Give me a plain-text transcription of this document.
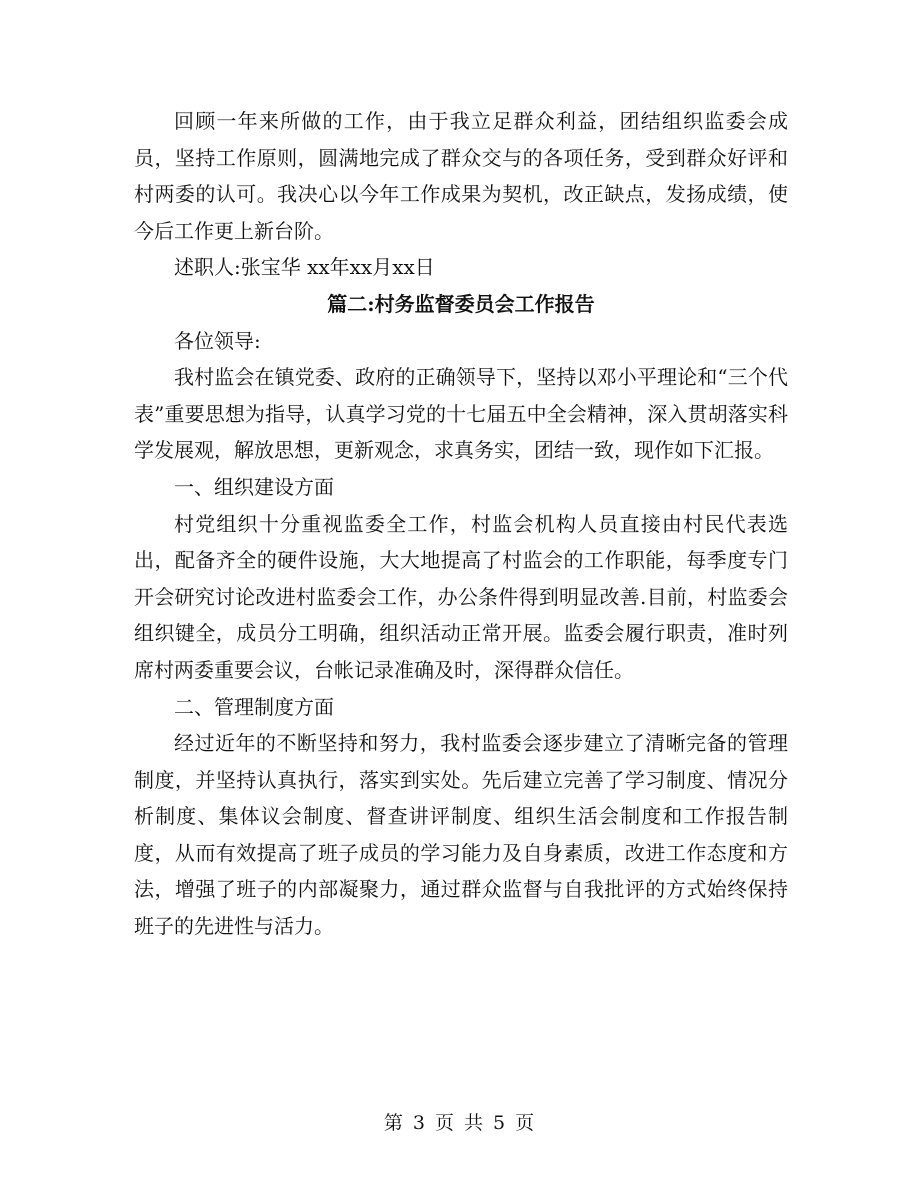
回顾一年来所做的工作，由于我立足群众利益，团结组织监委会成员，坚持工作原则，圆满地完成了群众交与的各项任务，受到群众好评和村两委的认可。我决心以今年工作成果为契机，改正缺点，发扬成绩，使今后工作更上新台阶。

述职人:张宝华 xx年xx月xx日

篇二:村务监督委员会工作报告

各位领导:

我村监会在镇党委、政府的正确领导下，坚持以邓小平理论和“三个代表”重要思想为指导，认真学习党的十七届五中全会精神，深入贯胡落实科学发展观，解放思想，更新观念，求真务实，团结一致，现作如下汇报。

一、组织建设方面

村党组织十分重视监委全工作，村监会机构人员直接由村民代表选出，配备齐全的硬件设施，大大地提高了村监会的工作职能，每季度专门开会研究讨论改进村监委会工作，办公条件得到明显改善.目前，村监委会组织键全，成员分工明确，组织活动正常开展。监委会履行职责，准时列席村两委重要会议，台帐记录准确及时，深得群众信任。

二、管理制度方面

经过近年的不断坚持和努力，我村监委会逐步建立了清晰完备的管理制度，并坚持认真执行，落实到实处。先后建立完善了学习制度、情况分析制度、集体议会制度、督查讲评制度、组织生活会制度和工作报告制度，从而有效提高了班子成员的学习能力及自身素质，改进工作态度和方法，增强了班子的内部凝聚力，通过群众监督与自我批评的方式始终保持班子的先进性与活力。

第 3 页 共 5 页
